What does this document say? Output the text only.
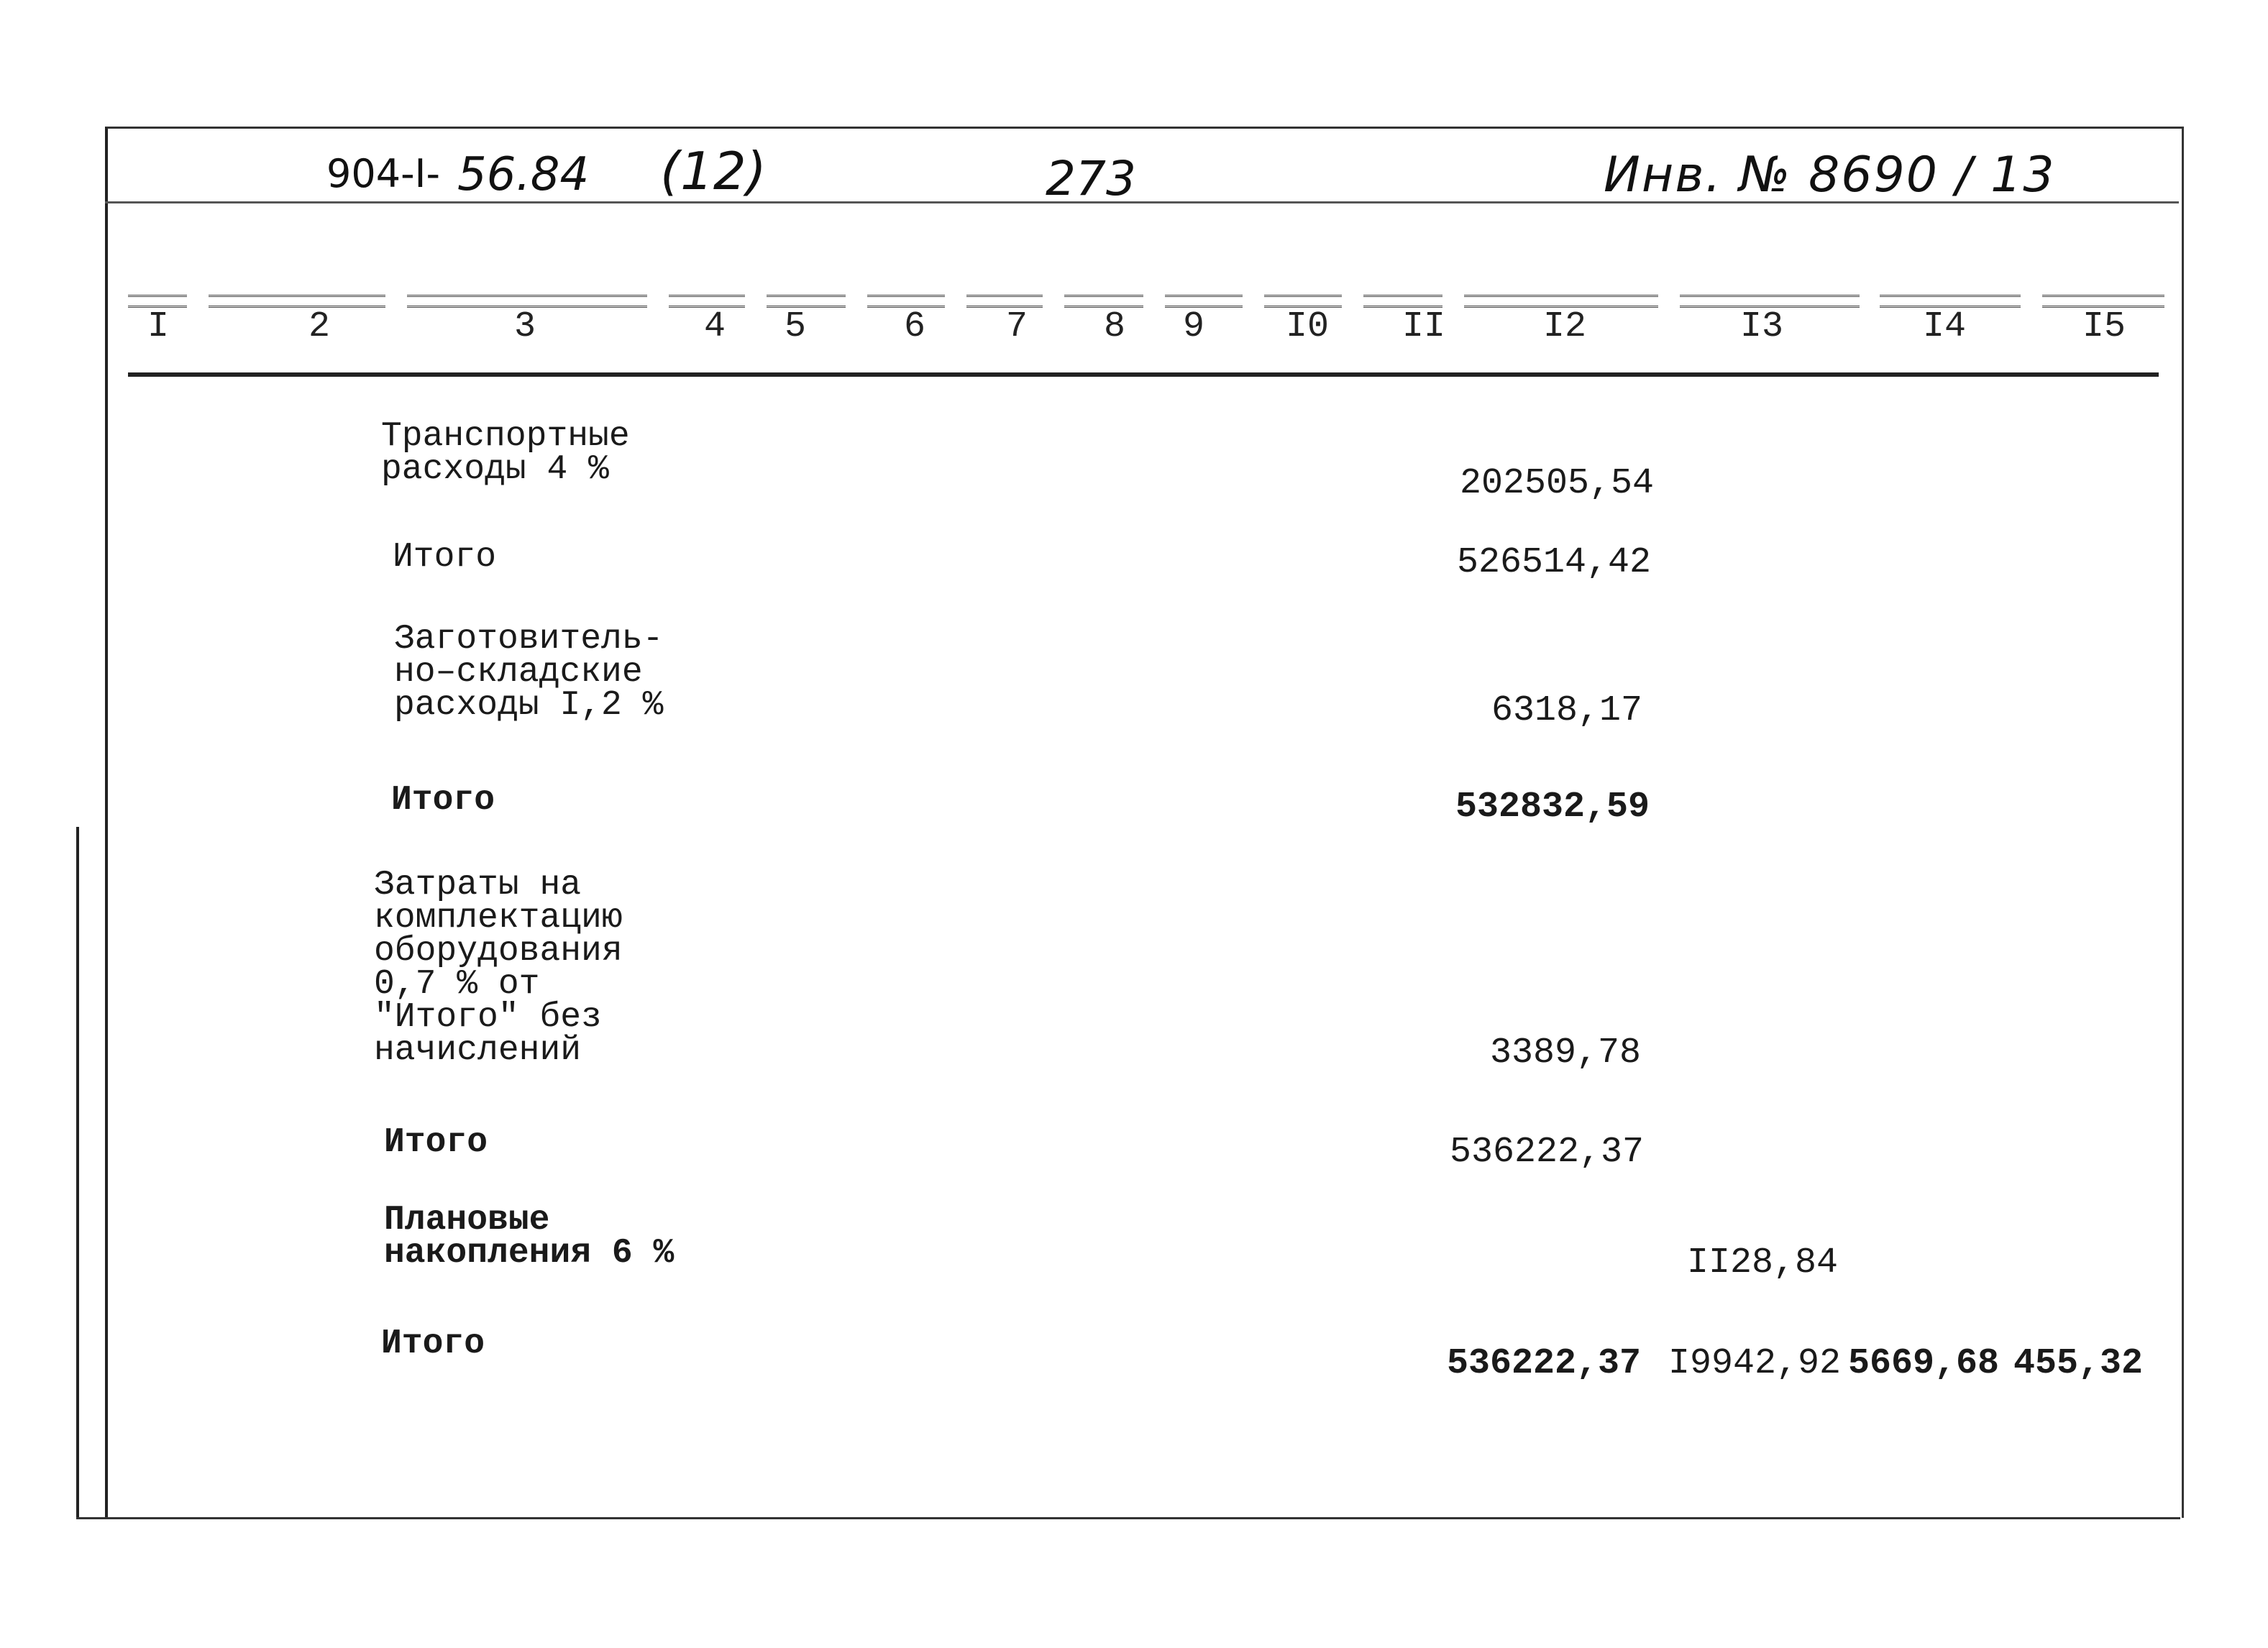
904-I- 56.84 (12)	273	Инв. № 8690 / 13
I	2	3	4	5	6	7	8	9	I0	II	I2	I3	I4	I5
Транспортные
расходы 4 %	202505,54
Итого	526514,42
Заготовитель-
но–складские
расходы I,2 %	6318,17
Итого	532832,59
Затраты на
комплектацию
оборудования
0,7 % от
"Итого" без
начислений	3389,78
Итого	536222,37
Плановые
накопления 6 %	II28,84
Итого	536222,37 I9942,92 5669,68 455,32
